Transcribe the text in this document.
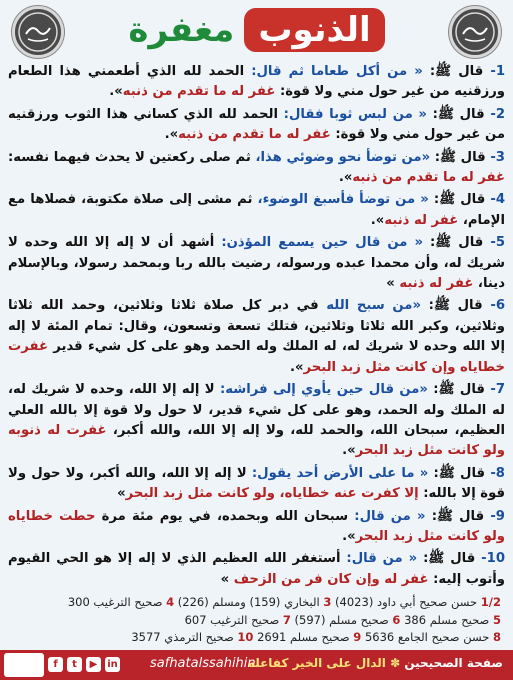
الذنوب
مغفرة
1- قال ﷺ: « من أكل طعاما ثم قال: الحمد لله الذي أطعمني هذا الطعام ورزقنيه من غير حول مني ولا قوة: غفر له ما تقدم من ذنبه».
2- قال ﷺ: « من لبس ثوبا فقال: الحمد لله الذي كساني هذا الثوب ورزقنيه من غير حول مني ولا قوة: غفر له ما تقدم من ذنبه».
3- قال ﷺ: «من توضأ نحو وضوئي هذا، ثم صلى ركعتين لا يحدث فيهما نفسه: غفر له ما تقدم من ذنبه».
4- قال ﷺ: « من توضأ فأسبغ الوضوء، ثم مشى إلى صلاة مكتوبة، فصلاها مع الإمام، غفر له ذنبه».
5- قال ﷺ: « من قال حين يسمع المؤذن: أشهد أن لا إله إلا الله وحده لا شريك له، وأن محمدا عبده ورسوله، رضيت بالله ربا وبمحمد رسولا، وبالإسلام دينا، غفر له ذنبه »
6- قال ﷺ: «من سبح الله في دبر كل صلاة ثلاثا وثلاثين، وحمد الله ثلاثا وثلاثين، وكبر الله ثلاثا وثلاثين، فتلك تسعة وتسعون، وقال: تمام المئة لا إله إلا الله وحده لا شريك له، له الملك وله الحمد وهو على كل شيء قدير غفرت خطاياه وإن كانت مثل زبد البحر».
7- قال ﷺ: «من قال حين يأوي إلى فراشه: لا إله إلا الله، وحده لا شريك له، له الملك وله الحمد، وهو على كل شيء قدير، لا حول ولا قوة إلا بالله العلي العظيم، سبحان الله، والحمد لله، ولا إله إلا الله، والله أكبر، غفرت له ذنوبه ولو كانت مثل زبد البحر».
8- قال ﷺ: « ما على الأرض أحد يقول: لا إله إلا الله، والله أكبر، ولا حول ولا قوة إلا بالله: إلا كفرت عنه خطاياه، ولو كانت مثل زبد البحر»
9- قال ﷺ: « من قال: سبحان الله وبحمده، في يوم مئة مرة حطت خطاياه ولو كانت مثل زبد البحر».
10- قال ﷺ: « من قال: أستغفر الله العظيم الذي لا إله إلا هو الحي القيوم وأتوب إليه: غفر له وإن كان فر من الزحف »
1/2 حسن صحيح أبي داود (4023) 3 البخاري (159) ومسلم (226) 4 صحيح الترغيب 300
5 صحيح مسلم 386 6 صحيح مسلم (597) 7 صحيح الترغيب 607
8 حسن صحيح الجامع 5636 9 صحيح مسلم 2691 10 صحيح الترمذي 3577
f	t	▶ in safhatalssahihin	صفحة الصحيحين ✽ الدال على الخير كفاعله
